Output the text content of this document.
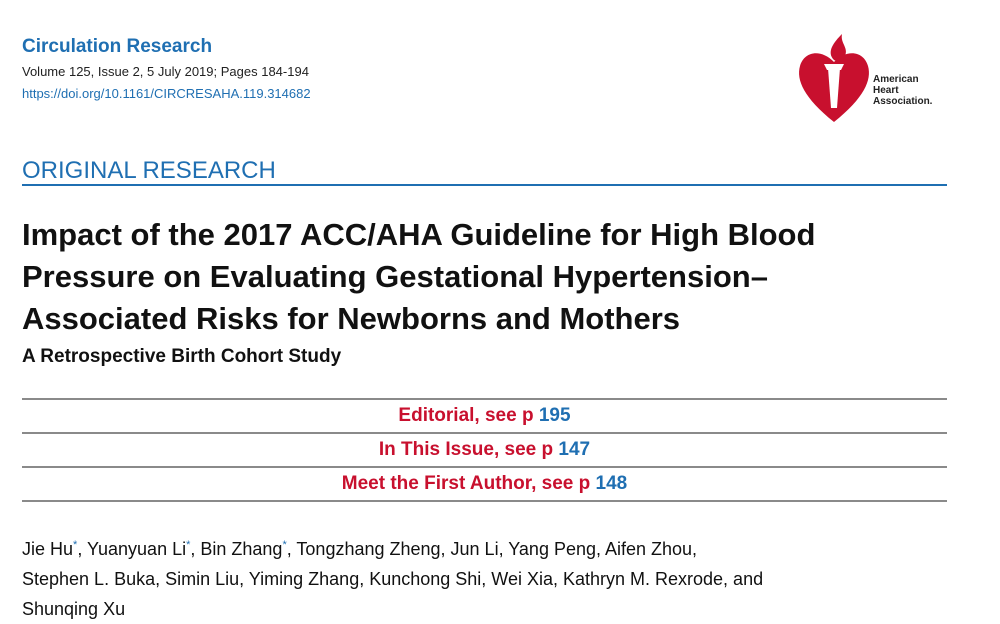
Circulation Research
Volume 125, Issue 2, 5 July 2019; Pages 184-194
https://doi.org/10.1161/CIRCRESAHA.119.314682
American
Heart
Association.
ORIGINAL RESEARCH
Impact of the 2017 ACC/AHA Guideline for High Blood
Pressure on Evaluating Gestational Hypertension–
Associated Risks for Newborns and Mothers
A Retrospective Birth Cohort Study
Editorial, see p 195
In This Issue, see p 147
Meet the First Author, see p 148
Jie Hu*, Yuanyuan Li*, Bin Zhang*, Tongzhang Zheng, Jun Li, Yang Peng, Aifen Zhou,
Stephen L. Buka, Simin Liu, Yiming Zhang, Kunchong Shi, Wei Xia, Kathryn M. Rexrode, and
Shunqing Xu
